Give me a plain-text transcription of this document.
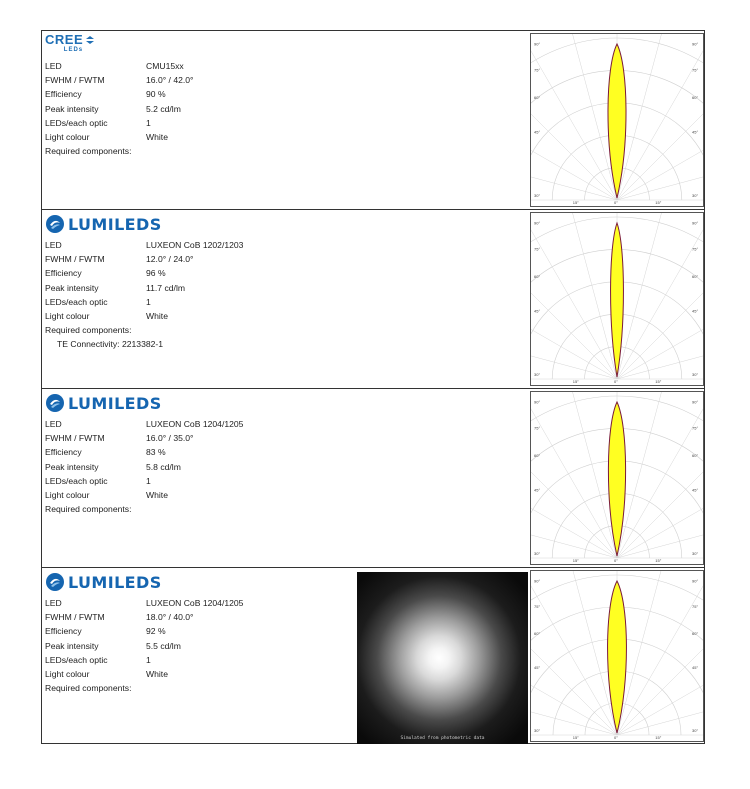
CREE
LEDs
LED	CMU15xx
FWHM / FWTM	16.0° / 42.0°
Efficiency	90 %
Peak intensity	5.2 cd/lm
LEDs/each optic	1
Light colour	White
Required components:
90°
75°
60°
45°
30°
90°
75°
60°
45°
30°
15°	0°	15°
LUMILEDS
LED	LUXEON CoB 1202/1203
FWHM / FWTM	12.0° / 24.0°
Efficiency	96 %
Peak intensity	11.7 cd/lm
LEDs/each optic	1
Light colour	White
Required components:
TE Connectivity: 2213382-1
90°
75°
60°
45°
30°
90°
75°
60°
45°
30°
15°	0°	15°
LUMILEDS
LED	LUXEON CoB 1204/1205
FWHM / FWTM	16.0° / 35.0°
Efficiency	83 %
Peak intensity	5.8 cd/lm
LEDs/each optic	1
Light colour	White
Required components:
90°
75°
60°
45°
30°
90°
75°
60°
45°
30°
15°	0°	15°
LUMILEDS
LED	LUXEON CoB 1204/1205
FWHM / FWTM	18.0° / 40.0°
Efficiency	92 %
Peak intensity	5.5 cd/lm
LEDs/each optic	1
Light colour	White
Required components:
Simulated from photometric data
90°
75°
60°
45°
30°
90°
75°
60°
45°
30°
15°	0°	15°
